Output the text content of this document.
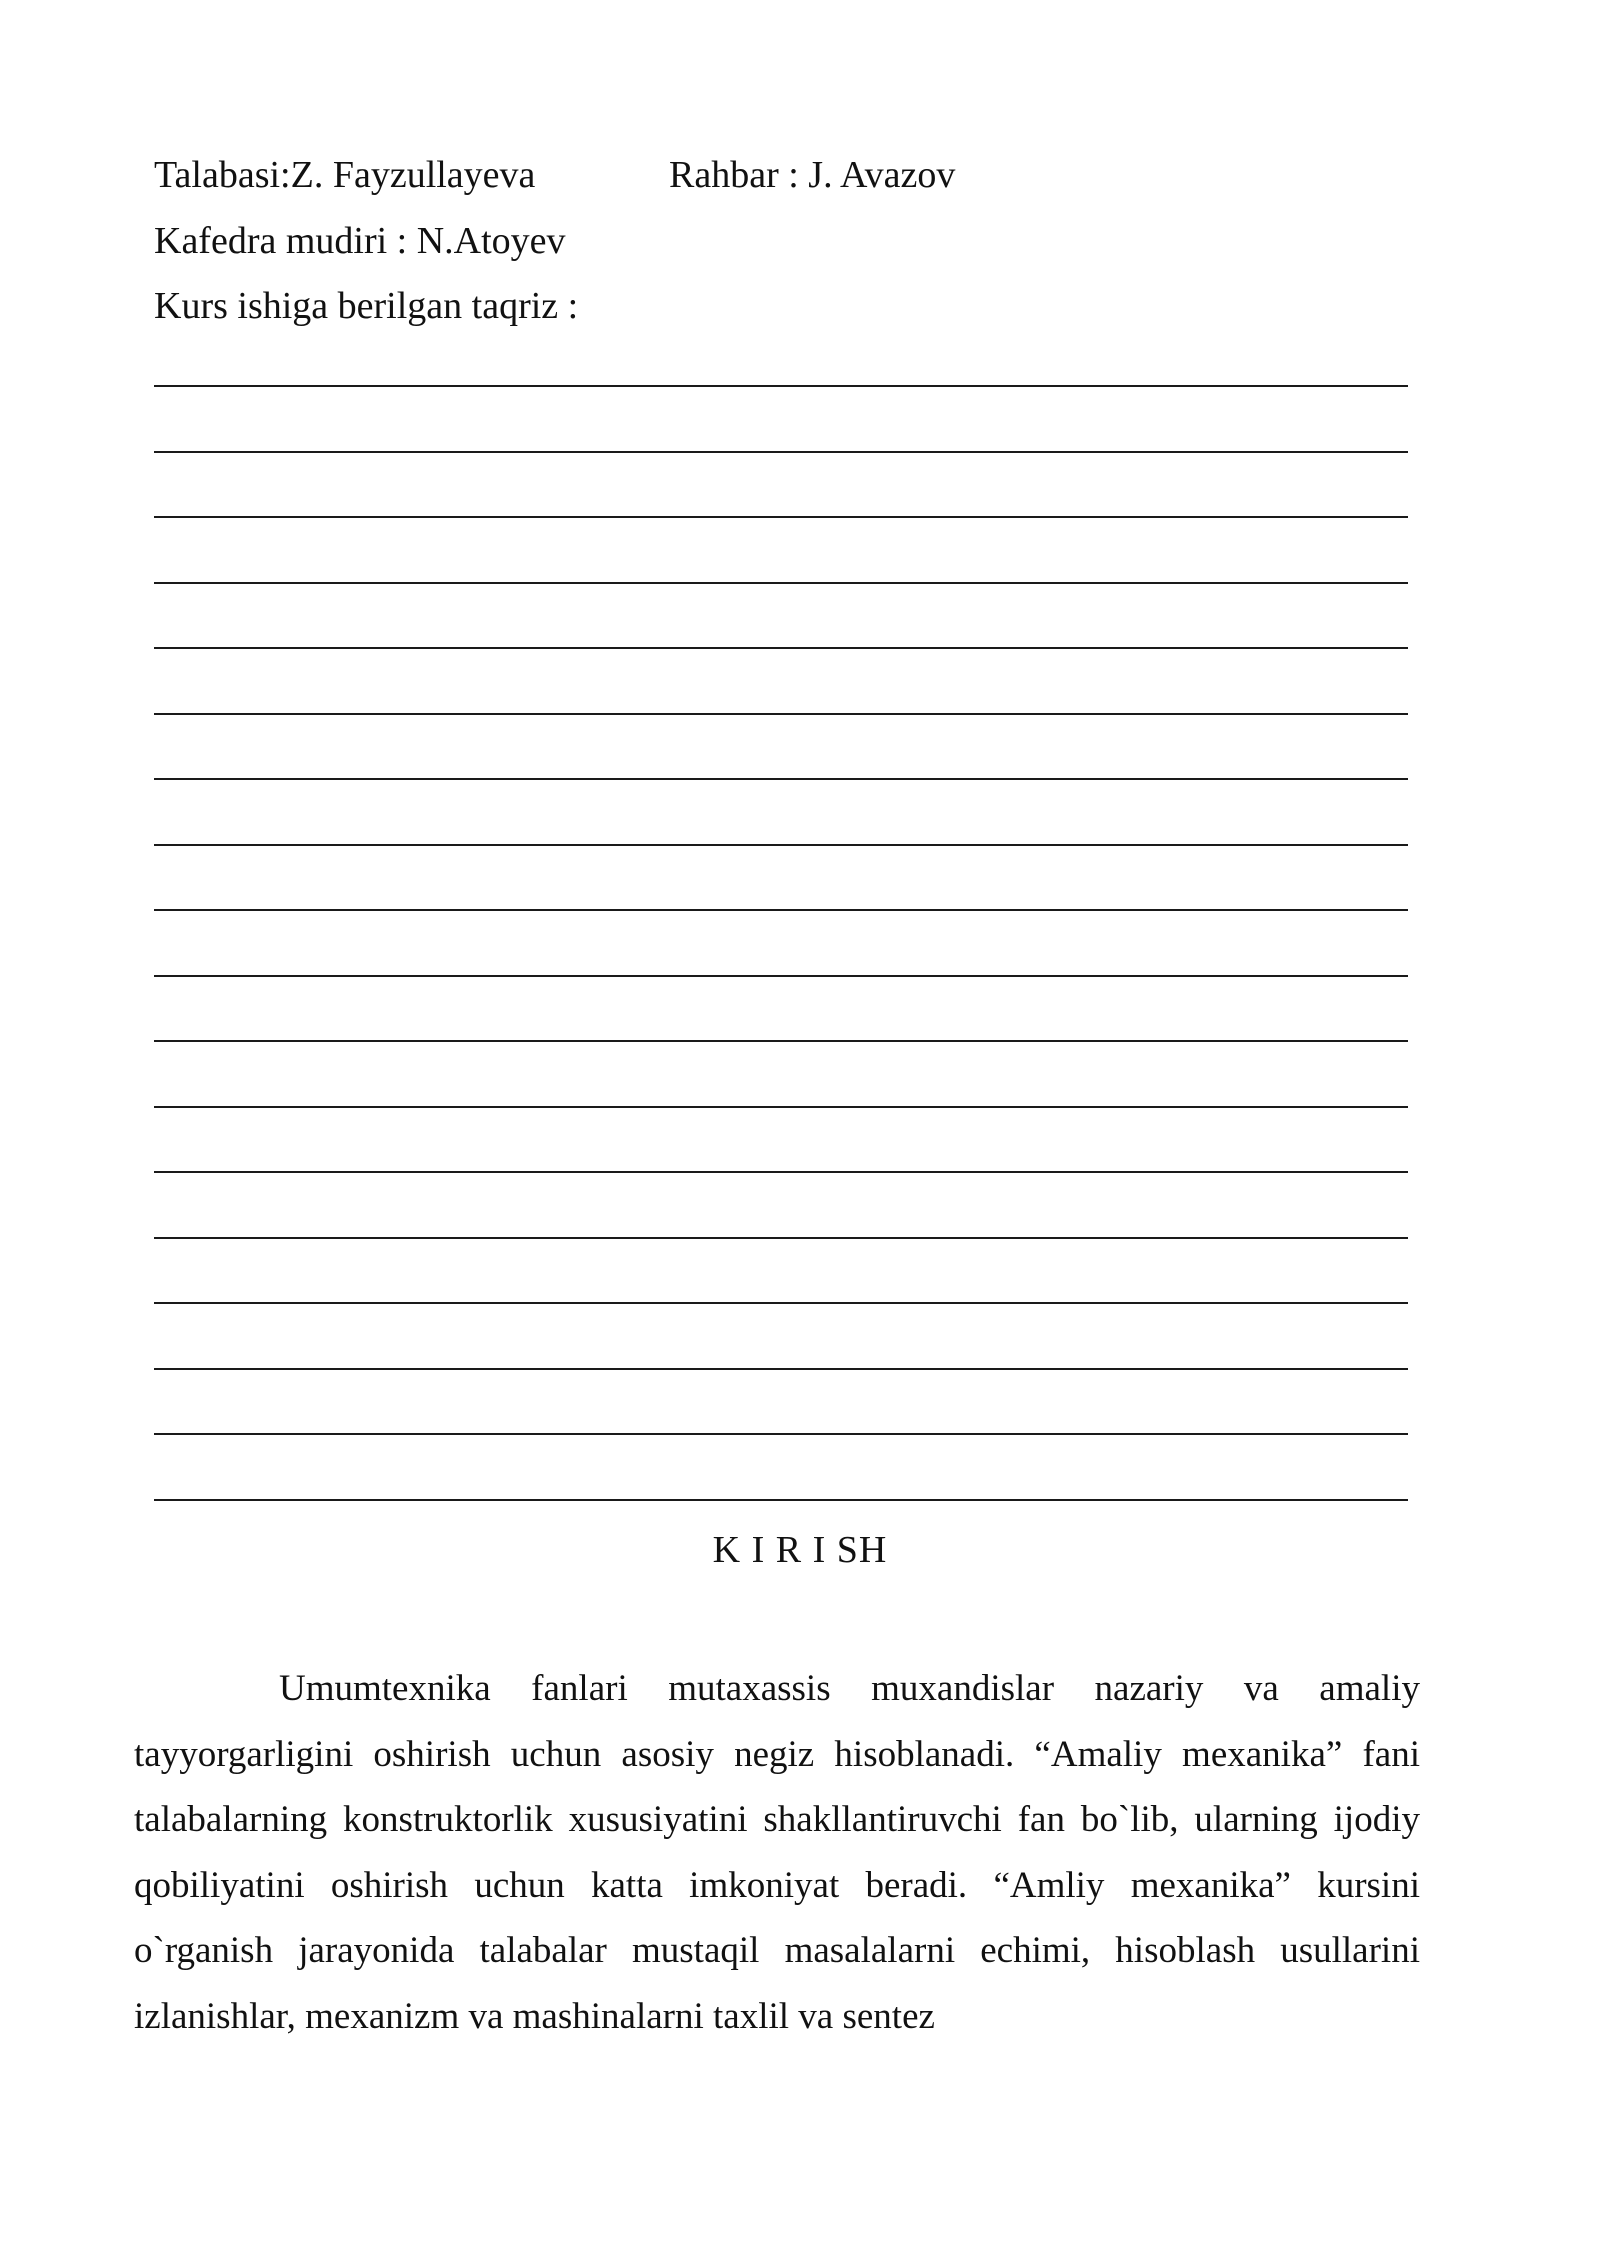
Talabasi:Z. Fayzullayeva	Rahbar : J. Avazov
Kafedra mudiri : N.Atoyev
Kurs ishiga berilgan taqriz :
K I R I SH

Umumtexnika fanlari mutaxassis muxandislar nazariy va amaliy tayyorgarligini oshirish uchun asosiy negiz hisoblanadi. “Amaliy mexanika” fani talabalarning konstruktorlik xususiyatini shakllantiruvchi fan bo`lib, ularning ijodiy qobiliyatini oshirish uchun katta imkoniyat beradi. “Amliy mexanika” kursini o`rganish jarayonida talabalar mustaqil masalalarni echimi, hisoblash usullarini izlanishlar, mexanizm va mashinalarni taxlil va sentez
